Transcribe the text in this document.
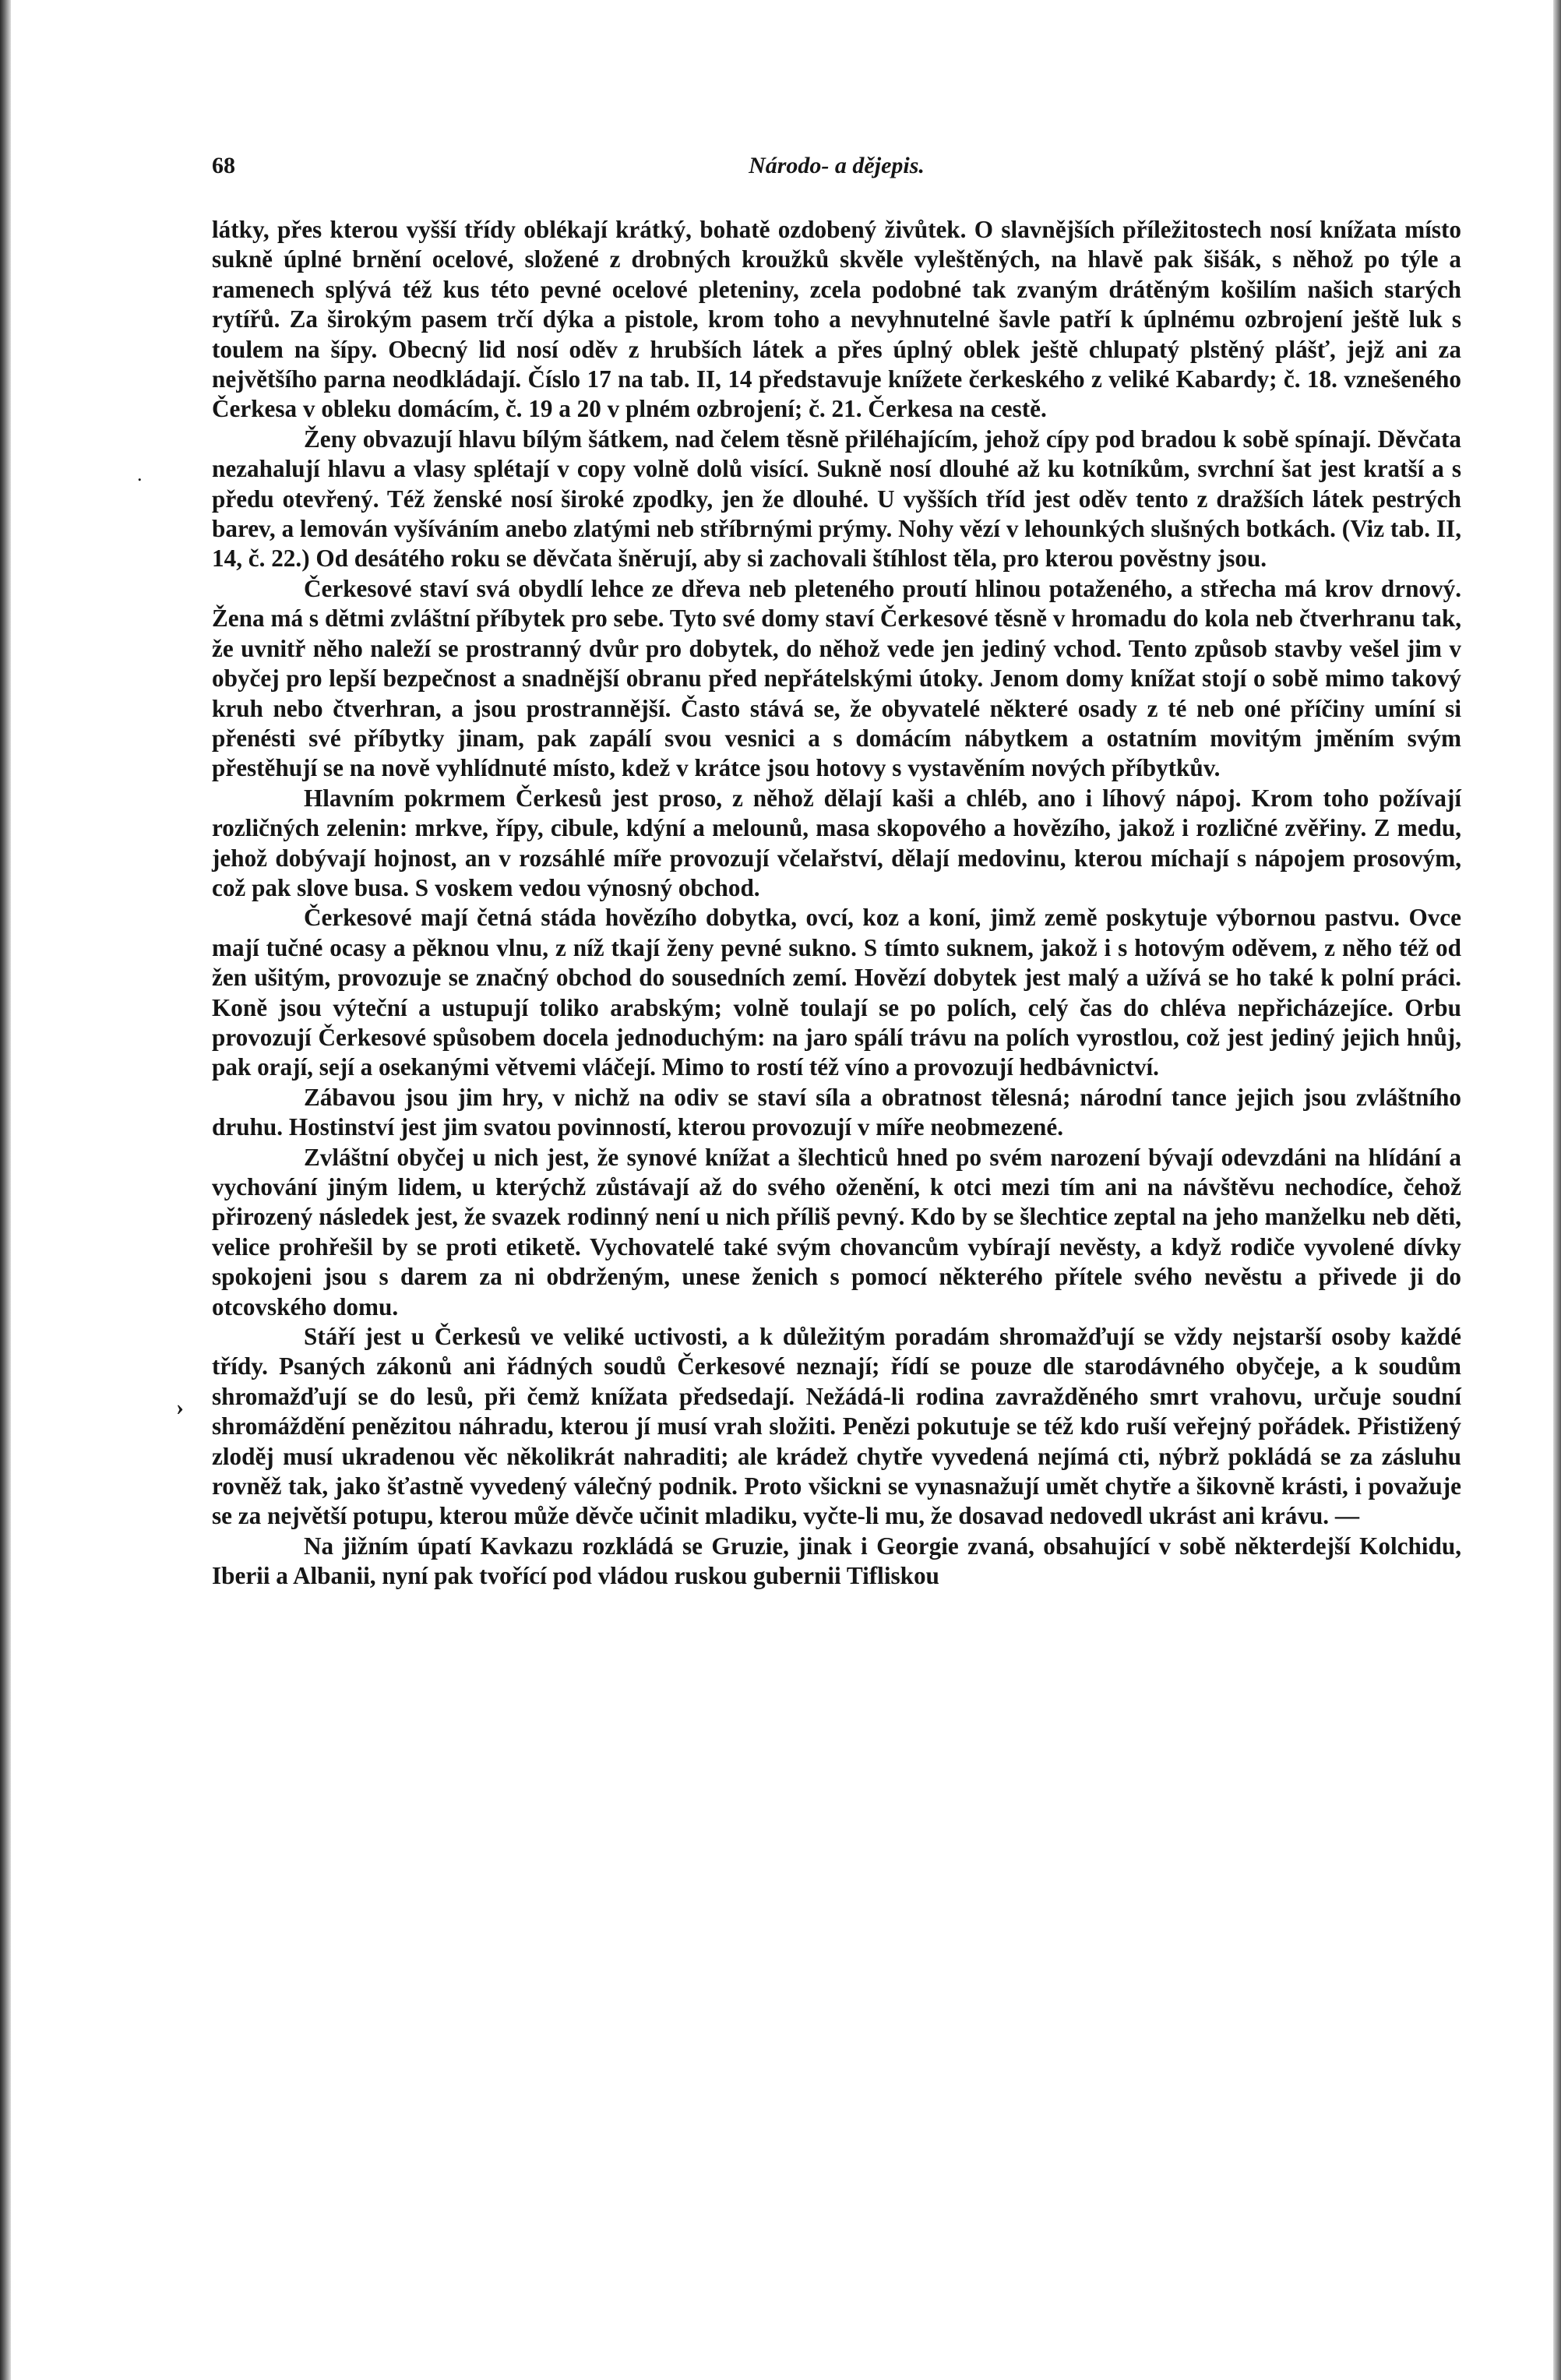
68	Národo- a dějepis.
.
›

látky, přes kterou vyšší třídy oblékají krátký, bohatě ozdobený živůtek. O slavnějších příležitostech nosí knížata místo sukně úplné brnění ocelové, složené z drobných kroužků skvěle vyleštěných, na hlavě pak šišák, s něhož po týle a ramenech splývá též kus této pevné ocelové pleteniny, zcela podobné tak zvaným drátěným košilím našich starých rytířů. Za širokým pasem trčí dýka a pistole, krom toho a nevyhnutelné šavle patří k úplnému ozbrojení ještě luk s toulem na šípy. Obecný lid nosí oděv z hrubších látek a přes úplný oblek ještě chlupatý plstěný plášť, jejž ani za největšího parna neodkládají. Číslo 17 na tab. II, 14 představuje knížete čerkeského z veliké Kabardy; č. 18. vznešeného Čerkesa v obleku domácím, č. 19 a 20 v plném ozbrojení; č. 21. Čerkesa na cestě.

Ženy obvazují hlavu bílým šátkem, nad čelem těsně přiléhajícím, jehož cípy pod bradou k sobě spínají. Děvčata nezahalují hlavu a vlasy splétají v copy volně dolů visící. Sukně nosí dlouhé až ku kotníkům, svrchní šat jest kratší a s předu otevřený. Též ženské nosí široké zpodky, jen že dlouhé. U vyšších tříd jest oděv tento z dražších látek pestrých barev, a lemován vyšíváním anebo zlatými neb stříbrnými prýmy. Nohy vězí v lehounkých slušných botkách. (Viz tab. II, 14, č. 22.) Od desátého roku se děvčata šněrují, aby si zachovali štíhlost těla, pro kterou pověstny jsou.

Čerkesové staví svá obydlí lehce ze dřeva neb pleteného proutí hlinou potaženého, a střecha má krov drnový. Žena má s dětmi zvláštní příbytek pro sebe. Tyto své domy staví Čerkesové těsně v hromadu do kola neb čtverhranu tak, že uvnitř něho naleží se prostranný dvůr pro dobytek, do něhož vede jen jediný vchod. Tento způsob stavby vešel jim v obyčej pro lepší bezpečnost a snadnější obranu před nepřátelskými útoky. Jenom domy knížat stojí o sobě mimo takový kruh nebo čtverhran, a jsou prostrannější. Často stává se, že obyvatelé některé osady z té neb oné příčiny umíní si přenésti své příbytky jinam, pak zapálí svou vesnici a s domácím nábytkem a ostatním movitým jměním svým přestěhují se na nově vyhlídnuté místo, kdež v krátce jsou hotovy s vystavěním nových příbytkův.

Hlavním pokrmem Čerkesů jest proso, z něhož dělají kaši a chléb, ano i líhový nápoj. Krom toho požívají rozličných zelenin: mrkve, řípy, cibule, kdýní a melounů, masa skopového a hovězího, jakož i rozličné zvěřiny. Z medu, jehož dobývají hojnost, an v rozsáhlé míře provozují včelařství, dělají medovinu, kterou míchají s nápojem prosovým, což pak slove busa. S voskem vedou výnosný obchod.

Čerkesové mají četná stáda hovězího dobytka, ovcí, koz a koní, jimž země poskytuje výbornou pastvu. Ovce mají tučné ocasy a pěknou vlnu, z níž tkají ženy pevné sukno. S tímto suknem, jakož i s hotovým oděvem, z něho též od žen ušitým, provozuje se značný obchod do sousedních zemí. Hovězí dobytek jest malý a užívá se ho také k polní práci. Koně jsou výteční a ustupují toliko arabským; volně toulají se po polích, celý čas do chléva nepřicházejíce. Orbu provozují Čerkesové spůsobem docela jednoduchým: na jaro spálí trávu na polích vyrostlou, což jest jediný jejich hnůj, pak orají, sejí a osekanými větvemi vláčejí. Mimo to rostí též víno a provozují hedbávnictví.

Zábavou jsou jim hry, v nichž na odiv se staví síla a obratnost tělesná; národní tance jejich jsou zvláštního druhu. Hostinství jest jim svatou povinností, kterou provozují v míře neobmezené.

Zvláštní obyčej u nich jest, že synové knížat a šlechticů hned po svém narození bývají odevzdáni na hlídání a vychování jiným lidem, u kterýchž zůstávají až do svého oženění, k otci mezi tím ani na návštěvu nechodíce, čehož přirozený následek jest, že svazek rodinný není u nich příliš pevný. Kdo by se šlechtice zeptal na jeho manželku neb děti, velice prohřešil by se proti etiketě. Vychovatelé také svým chovancům vybírají nevěsty, a když rodiče vyvolené dívky spokojeni jsou s darem za ni obdrženým, unese ženich s pomocí některého přítele svého nevěstu a přivede ji do otcovského domu.

Stáří jest u Čerkesů ve veliké uctivosti, a k důležitým poradám shromažďují se vždy nejstarší osoby každé třídy. Psaných zákonů ani řádných soudů Čerkesové neznají; řídí se pouze dle starodávného obyčeje, a k soudům shromažďují se do lesů, při čemž knížata předsedají. Nežádá-li rodina zavražděného smrt vrahovu, určuje soudní shromáždění penězitou náhradu, kterou jí musí vrah složiti. Penězi pokutuje se též kdo ruší veřejný pořádek. Přistižený zloděj musí ukradenou věc několikrát nahraditi; ale krádež chytře vyvedená nejímá cti, nýbrž pokládá se za zásluhu rovněž tak, jako šťastně vyvedený válečný podnik. Proto všickni se vynasnažují umět chytře a šikovně krásti, i považuje se za největší potupu, kterou může děvče učinit mladiku, vyčte-li mu, že dosavad nedovedl ukrást ani krávu. —

Na jižním úpatí Kavkazu rozkládá se Gruzie, jinak i Georgie zvaná, obsahující v sobě některdejší Kolchidu, Iberii a Albanii, nyní pak tvořící pod vládou ruskou gubernii Tifliskou
